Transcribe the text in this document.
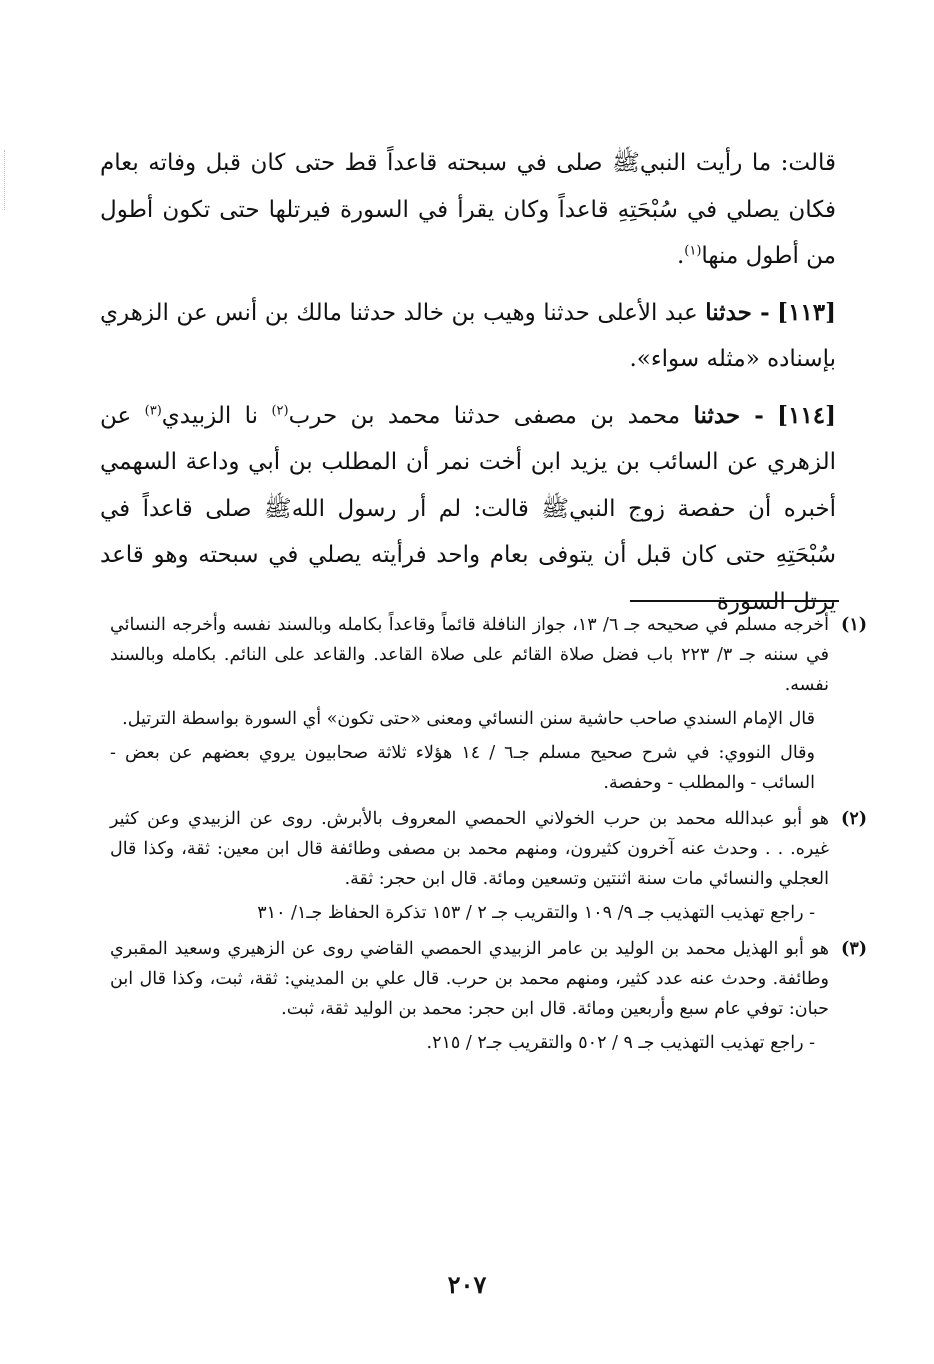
قالت: ما رأيت النبيﷺ صلى في سبحته قاعداً قط حتى كان قبل وفاته بعام فكان يصلي في سُبْحَتِهِ قاعداً وكان يقرأ في السورة فيرتلها حتى تكون أطول من أطول منها$^{(١)}$.
[١١٣] - حدثنا عبد الأعلى حدثنا وهيب بن خالد حدثنا مالك بن أنس عن الزهري بإسناده «مثله سواء».
[١١٤] - حدثنا محمد بن مصفى حدثنا محمد بن حرب$^{(٢)}$ نا الزبيدي$^{(٣)}$ عن الزهري عن السائب بن يزيد ابن أخت نمر أن المطلب بن أبي وداعة السهمي أخبره أن حفصة زوج النبيﷺ قالت: لم أر رسول اللهﷺ صلى قاعداً في سُبْحَتِهِ حتى كان قبل أن يتوفى بعام واحد فرأيته يصلي في سبحته وهو قاعد يرتل السورة
(١)

أخرجه مسلم في صحيحه جـ ٦/ ١٣، جواز النافلة قائماً وقاعداً بكامله وبالسند نفسه وأخرجه النسائي في سننه جـ ٣/ ٢٢٣ باب فضل صلاة القائم على صلاة القاعد. والقاعد على النائم. بكامله وبالسند نفسه.

قال الإمام السندي صاحب حاشية سنن النسائي ومعنى «حتى تكون» أي السورة بواسطة الترتيل.

وقال النووي: في شرح صحيح مسلم جـ٦ / ١٤ هؤلاء ثلاثة صحابيون يروي بعضهم عن بعض - السائب - والمطلب - وحفصة.

(٢)

هو أبو عبدالله محمد بن حرب الخولاني الحمصي المعروف بالأبرش. روى عن الزبيدي وعن كثير غيره. . . وحدث عنه آخرون كثيرون، ومنهم محمد بن مصفى وطائفة قال ابن معين: ثقة، وكذا قال العجلي والنسائي مات سنة اثنتين وتسعين ومائة. قال ابن حجر: ثقة.

- راجع تهذيب التهذيب جـ ٩/ ١٠٩ والتقريب جـ ٢ / ١٥٣ تذكرة الحفاظ جـ١/ ٣١٠

(٣)

هو أبو الهذيل محمد بن الوليد بن عامر الزبيدي الحمصي القاضي روى عن الزهيري وسعيد المقبري وطائفة. وحدث عنه عدد كثير، ومنهم محمد بن حرب. قال علي بن المديني: ثقة، ثبت، وكذا قال ابن حبان: توفي عام سبع وأربعين ومائة. قال ابن حجر: محمد بن الوليد ثقة، ثبت.

- راجع تهذيب التهذيب جـ ٩ / ٥٠٢ والتقريب جـ٢ / ٢١٥.

٢٠٧
